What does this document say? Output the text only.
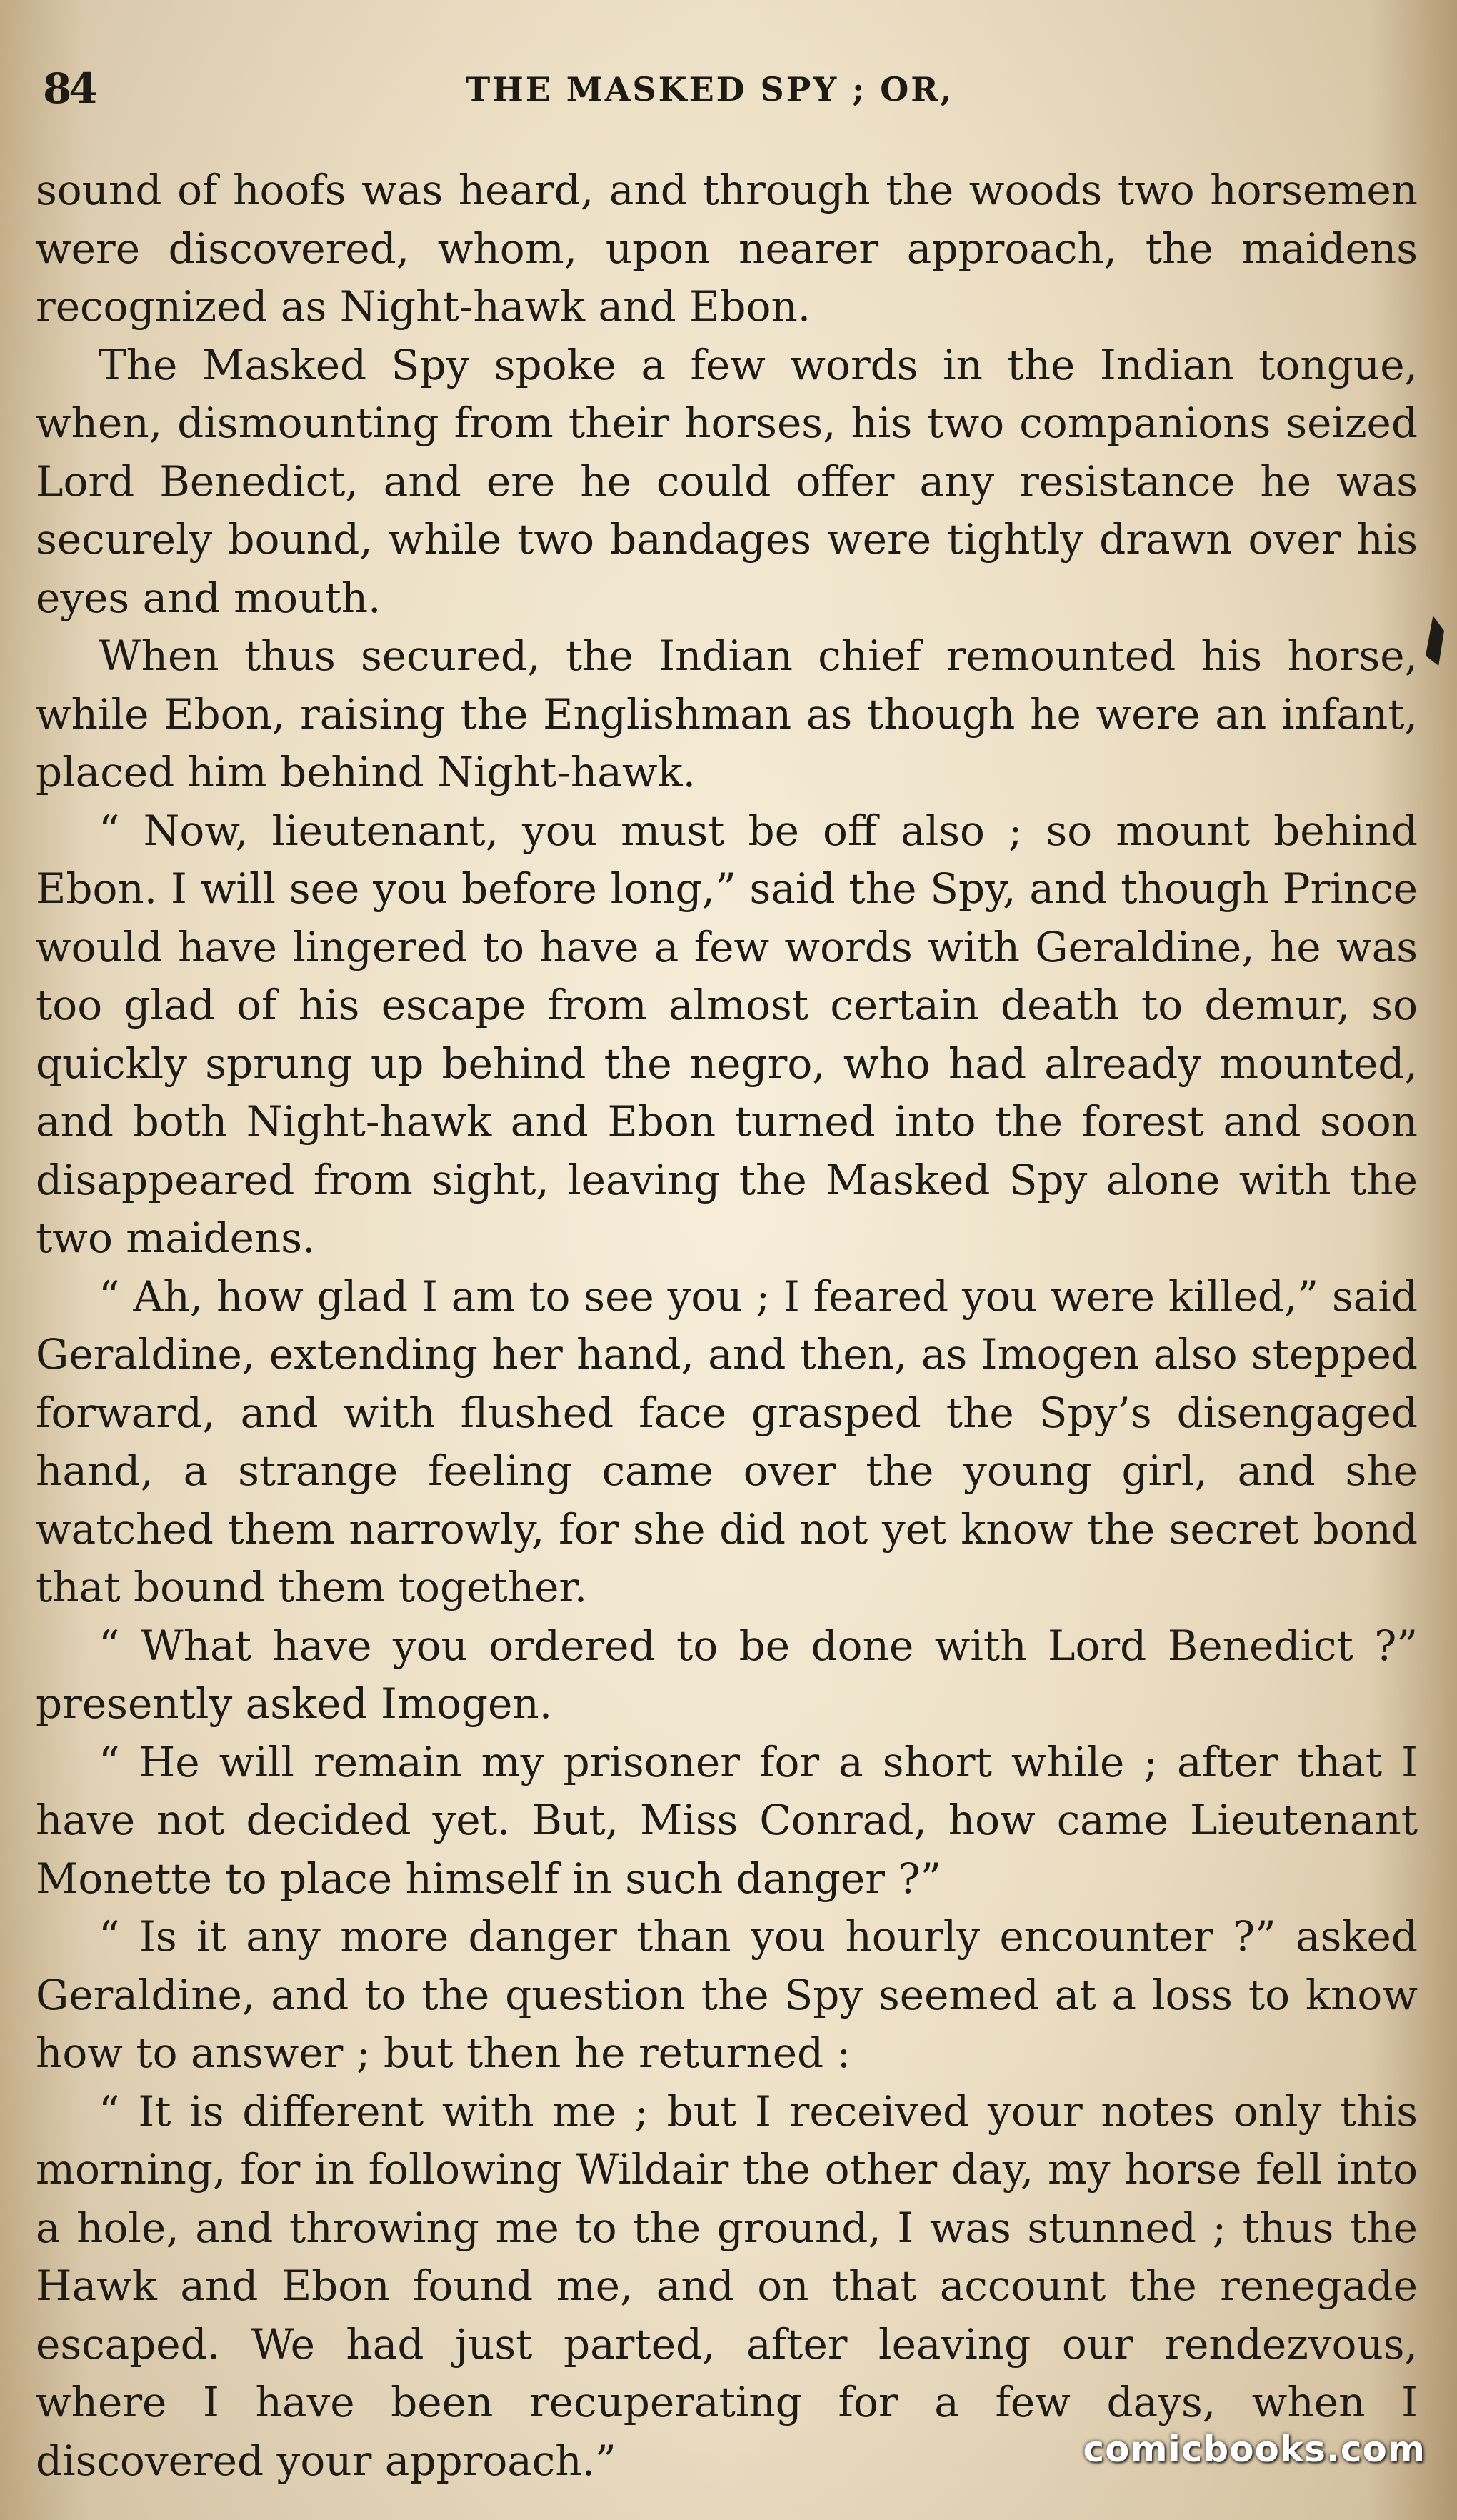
84	THE MASKED SPY ; OR,

sound of hoofs was heard, and through the woods two horsemen were discovered, whom, upon nearer approach, the maidens recognized as Night-hawk and Ebon.

The Masked Spy spoke a few words in the Indian tongue, when, dismounting from their horses, his two companions seized Lord Benedict, and ere he could offer any resistance he was securely bound, while two bandages were tightly drawn over his eyes and mouth.

When thus secured, the Indian chief remounted his horse, while Ebon, raising the Englishman as though he were an infant, placed him behind Night-hawk.

“ Now, lieutenant, you must be off also ; so mount behind Ebon. I will see you before long,” said the Spy, and though Prince would have lingered to have a few words with Geraldine, he was too glad of his escape from almost certain death to demur, so quickly sprung up behind the negro, who had already mounted, and both Night-hawk and Ebon turned into the forest and soon disappeared from sight, leaving the Masked Spy alone with the two maidens.

“ Ah, how glad I am to see you ; I feared you were killed,” said Geraldine, extending her hand, and then, as Imogen also stepped forward, and with flushed face grasped the Spy’s disengaged hand, a strange feeling came over the young girl, and she watched them narrowly, for she did not yet know the secret bond that bound them together.

“ What have you ordered to be done with Lord Benedict ?” presently asked Imogen.

“ He will remain my prisoner for a short while ; after that I have not decided yet. But, Miss Conrad, how came Lieutenant Monette to place himself in such danger ?”

“ Is it any more danger than you hourly encounter ?” asked Geraldine, and to the question the Spy seemed at a loss to know how to answer ; but then he returned :

“ It is different with me ; but I received your notes only this morning, for in following Wildair the other day, my horse fell into a hole, and throwing me to the ground, I was stunned ; thus the Hawk and Ebon found me, and on that account the renegade escaped. We had just parted, after leaving our rendezvous, where I have been recuperating for a few days, when I discovered your approach.”	comicbooks.com
